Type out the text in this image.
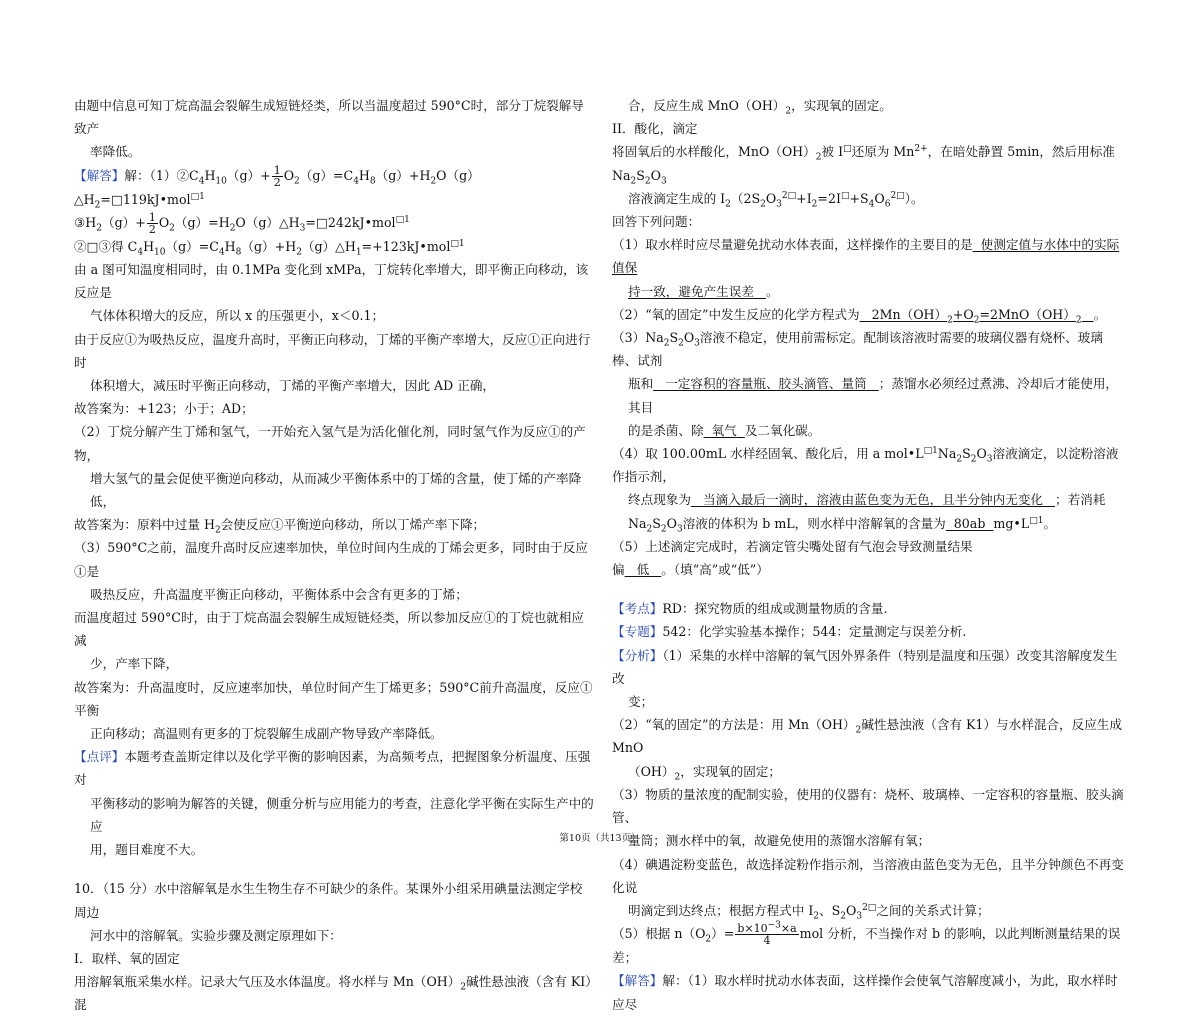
由题中信息可知丁烷高温会裂解生成短链烃类，所以当温度超过 590°C时，部分丁烷裂解导致产

率降低。

【解答】解：$(1)②C_4H_{10}(g)+ \frac{1}{2}$ $O_2(g)=C_4H_8(g)+H_2O(g)\triangle H_2=□119kJ•mol^{□1}$

$③H_2(g)+ \frac{1}{2}$ $O_2(g)=H_2O(g)\triangle H_3=□242kJ•mol^{□1}$

②□③得 $C_4H_{10}(g)=C_4H_8(g)+H_2(g)\triangle H_1=+123kJ•mol^{□1}$

由 a 图可知温度相同时，由 0.1MPa 变化到 xMPa，丁烷转化率增大，即平衡正向移动，该反应是

气体体积增大的反应，所以 x 的压强更小，x＜0.1；

由于反应①为吸热反应，温度升高时，平衡正向移动，丁烯的平衡产率增大，反应①正向进行时

体积增大，减压时平衡正向移动，丁烯的平衡产率增大，因此 AD 正确，

故答案为：+123；小于；AD；

（2）丁烷分解产生丁烯和氢气，一开始充入氢气是为活化催化剂，同时氢气作为反应①的产物，

增大氢气的量会促使平衡逆向移动，从而减少平衡体系中的丁烯的含量，使丁烯的产率降低，

故答案为：原料中过量 $H_2$会使反应①平衡逆向移动，所以丁烯产率下降；

（3）590°C之前，温度升高时反应速率加快，单位时间内生成的丁烯会更多，同时由于反应①是

吸热反应，升高温度平衡正向移动，平衡体系中会含有更多的丁烯；

而温度超过 590°C时，由于丁烷高温会裂解生成短链烃类，所以参加反应①的丁烷也就相应减

少，产率下降，

故答案为：升高温度时，反应速率加快，单位时间产生丁烯更多；590°C前升高温度，反应①平衡

正向移动；高温则有更多的丁烷裂解生成副产物导致产率降低。

【点评】本题考查盖斯定律以及化学平衡的影响因素，为高频考点，把握图象分析温度、压强对

平衡移动的影响为解答的关键，侧重分析与应用能力的考查，注意化学平衡在实际生产中的应

用，题目难度不大。

10．（15 分）水中溶解氧是水生生物生存不可缺少的条件。某课外小组采用碘量法测定学校周边

河水中的溶解氧。实验步骤及测定原理如下：

I．取样、氧的固定

用溶解氧瓶采集水样。记录大气压及水体温度。将水样与 $Mn(OH)_2$碱性悬浊液（含有 KI）混

合，反应生成 $MnO(OH)_2$，实现氧的固定。

II．酸化，滴定

将固氧后的水样酸化，$MnO(OH)_2$被 I□还原为 $Mn^{2+}$，在暗处静置 5min，然后用标准 $Na_2S_2O_3$

溶液滴定生成的 $I_2(2S_2O_3^{2□}+I_2=2I^□+S_4O_6^{2□})$。

回答下列问题：

（1）取水样时应尽量避免扰动水体表面，这样操作的主要目的是 使测定值与水体中的实际值保

持一致，避免产生误差 。

（2）“氧的固定”中发生反应的化学方程式为 $2Mn(OH)_2+O_2=2MnO(OH)_2$ 。

$(3)Na_2S_2O_3$溶液不稳定，使用前需标定。配制该溶液时需要的玻璃仪器有烧杯、玻璃棒、试剂

瓶和 一定容积的容量瓶、胶头滴管、量筒 ；蒸馏水必须经过煮沸、冷却后才能使用，其目

的是杀菌、除 氧气 及二氧化碳。

（4）取 100.00mL 水样经固氧、酸化后，用 a $mol•L^{□1}Na_2S_2O_3$溶液滴定，以淀粉溶液作指示剂，

终点现象为 当滴入最后一滴时，溶液由蓝色变为无色，且半分钟内无变化 ；若消耗

$Na_2S_2O_3$溶液的体积为 b mL，则水样中溶解氧的含量为 80ab $mg•L^{□1}$。

（5）上述滴定完成时，若滴定管尖嘴处留有气泡会导致测量结果偏 低 。（填“高”或“低”）

【考点】RD：探究物质的组成或测量物质的含量.

【专题】542：化学实验基本操作；544：定量测定与误差分析.

【分析】（1）采集的水样中溶解的氧气因外界条件（特别是温度和压强）改变其溶解度发生改

变；

（2）“氧的固定”的方法是：用 $Mn(OH)_2$碱性悬浊液（含有 K1）与水样混合，反应生成 MnO

$(OH)_2$，实现氧的固定；

（3）物质的量浓度的配制实验，使用的仪器有：烧杯、玻璃棒、一定容积的容量瓶、胶头滴管、

量筒；测水样中的氧，故避免使用的蒸馏水溶解有氧；

（4）碘遇淀粉变蓝色，故选择淀粉作指示剂，当溶液由蓝色变为无色，且半分钟颜色不再变化说

明滴定到达终点；根据方程式中 $I_2$、$S_2O_3^{2□}$之间的关系式计算；

（5）根据 $n(O_2)= \frac{b\times 10^{-3}\times a}{4}$ mol 分析，不当操作对 b 的影响，以此判断测量结果的误差；

【解答】解：（1）取水样时扰动水体表面，这样操作会使氧气溶解度减小，为此，取水样时应尽

第10页（共13页）
